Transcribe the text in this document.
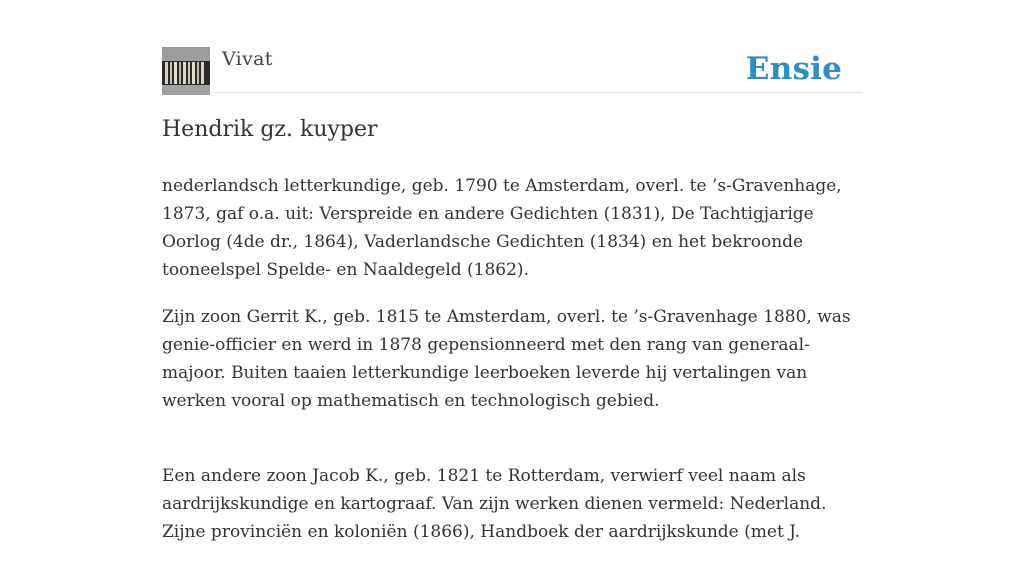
Vivat	Ensie
Hendrik gz. kuyper

nederlandsch letterkundige, geb. 1790 te Amsterdam, overl. te ’s-Gravenhage, 1873, gaf o.a. uit: Verspreide en andere Gedichten (1831), De Tachtigjarige Oorlog (4de dr., 1864), Vaderlandsche Gedichten (1834) en het bekroonde tooneelspel Spelde- en Naaldegeld (1862).

Zijn zoon Gerrit K., geb. 1815 te Amsterdam, overl. te ’s-Gravenhage 1880, was genie-officier en werd in 1878 gepensionneerd met den rang van generaal-majoor. Buiten taaien letterkundige leerboeken leverde hij vertalingen van werken vooral op mathematisch en technologisch gebied.

Een andere zoon Jacob K., geb. 1821 te Rotterdam, verwierf veel naam als aardrijkskundige en kartograaf. Van zijn werken dienen vermeld: Nederland. Zijne provinciën en koloniën (1866), Handboek der aardrijkskunde (met J.
